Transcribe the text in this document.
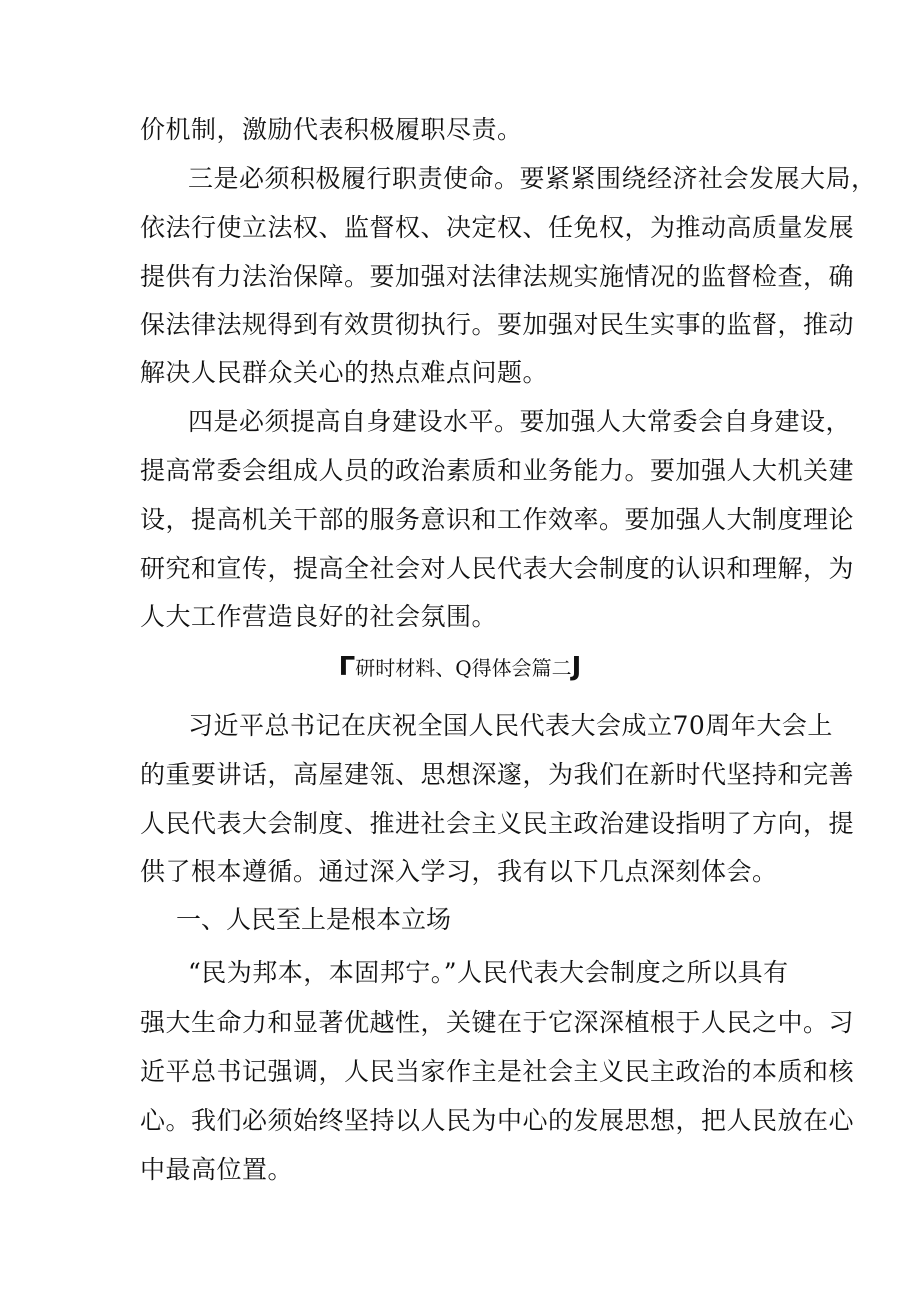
价机制，激励代表积极履职尽责。
三是必须积极履行职责使命。要紧紧围绕经济社会发展大局，
依法行使立法权、监督权、决定权、任免权，为推动高质量发展
提供有力法治保障。要加强对法律法规实施情况的监督检查，确
保法律法规得到有效贯彻执行。要加强对民生实事的监督，推动
解决人民群众关心的热点难点问题。
四是必须提高自身建设水平。要加强人大常委会自身建设，
提高常委会组成人员的政治素质和业务能力。要加强人大机关建
设，提高机关干部的服务意识和工作效率。要加强人大制度理论
研究和宣传，提高全社会对人民代表大会制度的认识和理解，为
人大工作营造良好的社会氛围。
Γ研时材料、Q得体会篇二J
习近平总书记在庆祝全国人民代表大会成立70周年大会上
的重要讲话，高屋建瓴、思想深邃，为我们在新时代坚持和完善
人民代表大会制度、推进社会主义民主政治建设指明了方向，提
供了根本遵循。通过深入学习，我有以下几点深刻体会。
一、人民至上是根本立场
“民为邦本，本固邦宁。”人民代表大会制度之所以具有
强大生命力和显著优越性，关键在于它深深植根于人民之中。习
近平总书记强调，人民当家作主是社会主义民主政治的本质和核
心。我们必须始终坚持以人民为中心的发展思想，把人民放在心
中最高位置。
